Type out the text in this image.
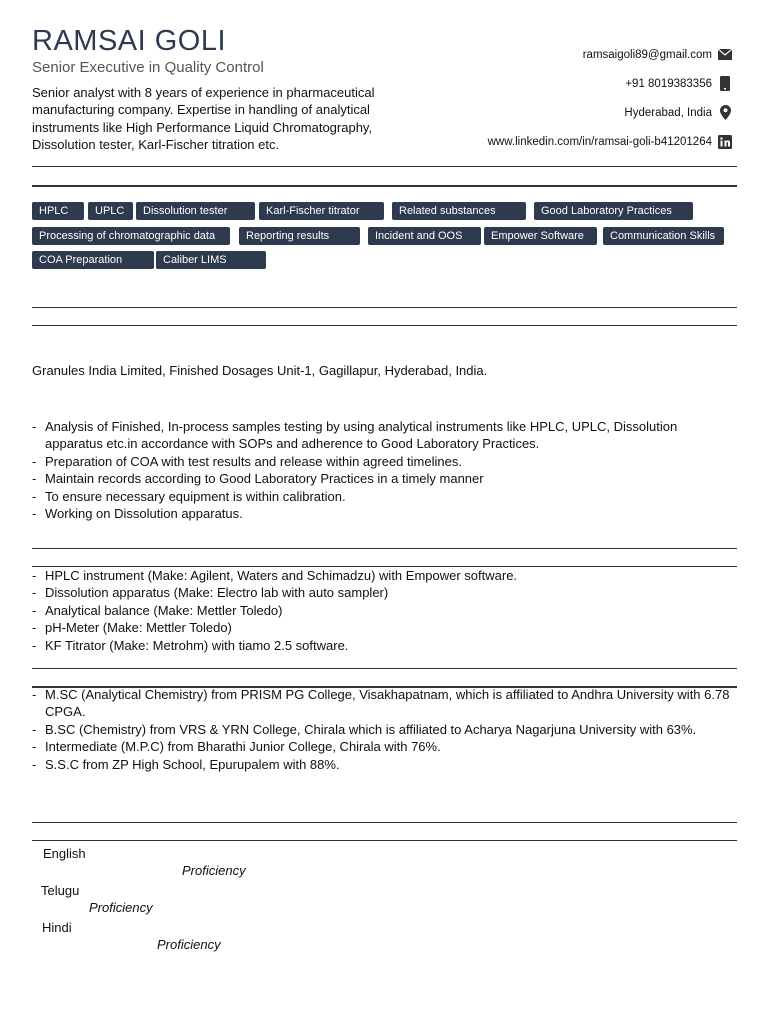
RAMSAI GOLI
Senior Executive in Quality Control
Senior analyst with 8 years of experience in pharmaceutical manufacturing company. Expertise in handling of analytical instruments like High Performance Liquid Chromatography, Dissolution tester, Karl-Fischer titration etc.
ramsaigoli89@gmail.com
+91 8019383356
Hyderabad, India
www.linkedin.com/in/ramsai-goli-b41201264
HPLC	UPLC	Dissolution tester	Karl-Fischer titrator	Related substances	Good Laboratory Practices
Processing of chromatographic data	Reporting results	Incident and OOS	Empower Software	Communication Skills
COA Preparation	Caliber LIMS
Granules India Limited, Finished Dosages Unit-1, Gagillapur, Hyderabad, India.
- Analysis of Finished, In-process samples testing by using analytical instruments like HPLC, UPLC, Dissolution apparatus etc.in accordance with SOPs and adherence to Good Laboratory Practices.
- Preparation of COA with test results and release within agreed timelines.
- Maintain records according to Good Laboratory Practices in a timely manner
- To ensure necessary equipment is within calibration.
- Working on Dissolution apparatus.
- HPLC instrument (Make: Agilent, Waters and Schimadzu) with Empower software.
- Dissolution apparatus (Make: Electro lab with auto sampler)
- Analytical balance (Make: Mettler Toledo)
- pH-Meter (Make: Mettler Toledo)
- KF Titrator (Make: Metrohm) with tiamo 2.5 software.
- M.SC (Analytical Chemistry) from PRISM PG College, Visakhapatnam, which is affiliated to Andhra University with 6.78 CPGA.
- B.SC (Chemistry) from VRS & YRN College, Chirala which is affiliated to Acharya Nagarjuna University with 63%.
- Intermediate (M.P.C) from Bharathi Junior College, Chirala with 76%.
- S.S.C from ZP High School, Epurupalem with 88%.
English
Proficiency
Telugu
Proficiency
Hindi
Proficiency
